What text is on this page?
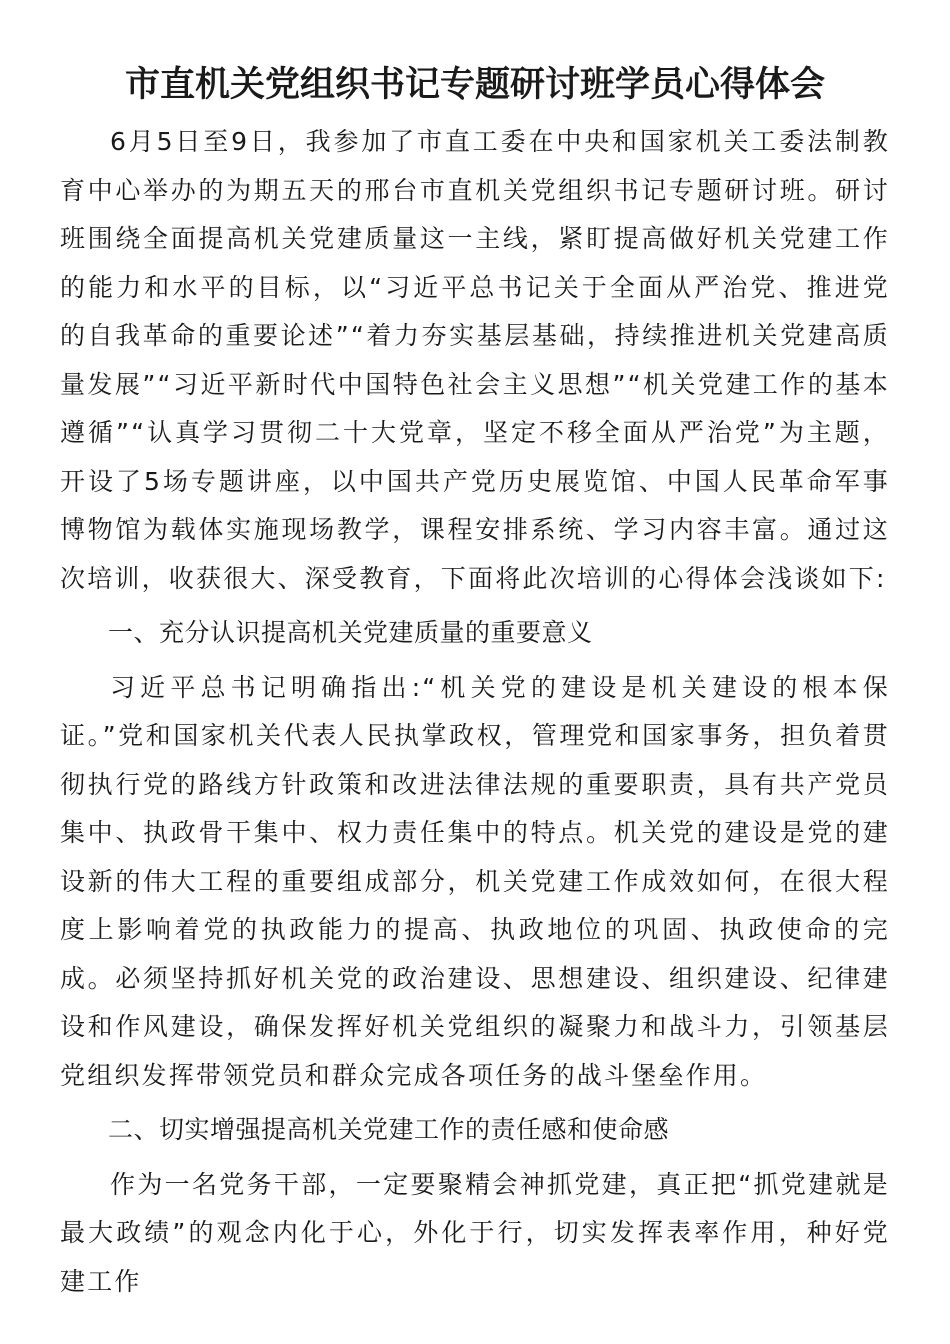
市直机关党组织书记专题研讨班学员心得体会

6月5日至9日，我参加了市直工委在中央和国家机关工委法制教育中心举办的为期五天的邢台市直机关党组织书记专题研讨班。研讨班围绕全面提高机关党建质量这一主线，紧盯提高做好机关党建工作的能力和水平的目标，以“习近平总书记关于全面从严治党、推进党的自我革命的重要论述”“着力夯实基层基础，持续推进机关党建高质量发展”“习近平新时代中国特色社会主义思想”“机关党建工作的基本遵循”“认真学习贯彻二十大党章，坚定不移全面从严治党”为主题，开设了5场专题讲座，以中国共产党历史展览馆、中国人民革命军事博物馆为载体实施现场教学，课程安排系统、学习内容丰富。通过这次培训，收获很大、深受教育，下面将此次培训的心得体会浅谈如下:

一、充分认识提高机关党建质量的重要意义

习近平总书记明确指出:“机关党的建设是机关建设的根本保证。”党和国家机关代表人民执掌政权，管理党和国家事务，担负着贯彻执行党的路线方针政策和改进法律法规的重要职责，具有共产党员集中、执政骨干集中、权力责任集中的特点。机关党的建设是党的建设新的伟大工程的重要组成部分，机关党建工作成效如何，在很大程度上影响着党的执政能力的提高、执政地位的巩固、执政使命的完成。必须坚持抓好机关党的政治建设、思想建设、组织建设、纪律建设和作风建设，确保发挥好机关党组织的凝聚力和战斗力，引领基层党组织发挥带领党员和群众完成各项任务的战斗堡垒作用。

二、切实增强提高机关党建工作的责任感和使命感

作为一名党务干部，一定要聚精会神抓党建，真正把“抓党建就是最大政绩”的观念内化于心，外化于行，切实发挥表率作用，种好党建工作
